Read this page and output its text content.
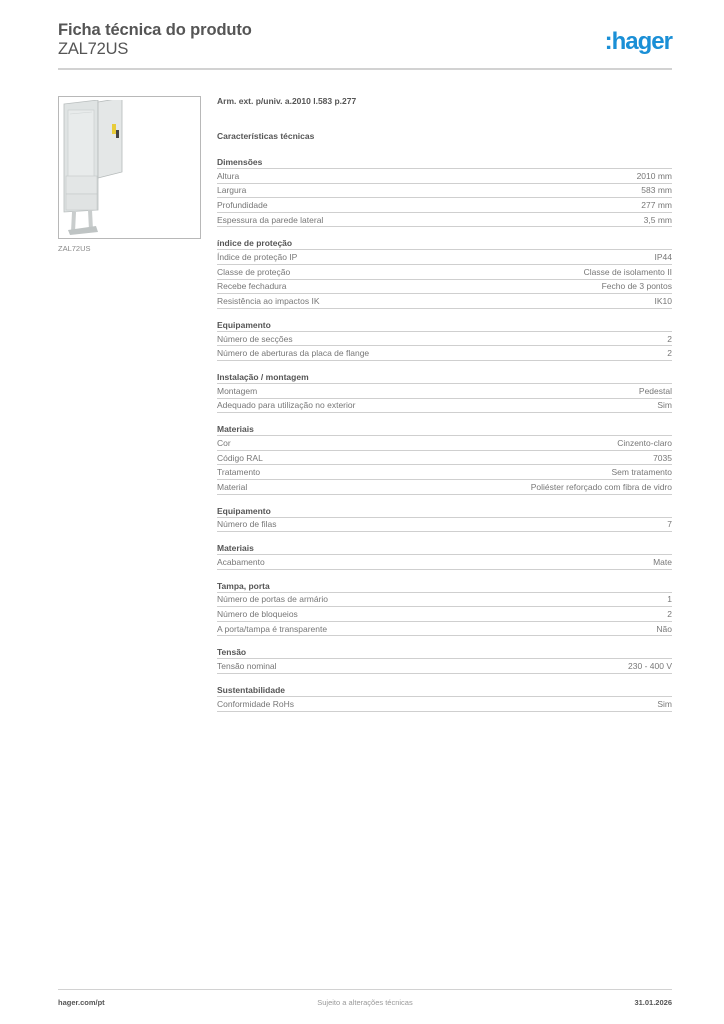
Ficha técnica do produto
ZAL72US	:hager
ZAL72US
Arm. ext. p/univ. a.2010 l.583 p.277
Características técnicas
Dimensões
Altura	2010 mm
Largura	583 mm
Profundidade	277 mm
Espessura da parede lateral	3,5 mm
índice de proteção
Índice de proteção IP	IP44
Classe de proteção	Classe de isolamento II
Recebe fechadura	Fecho de 3 pontos
Resistência ao impactos IK	IK10
Equipamento
Número de secções	2
Número de aberturas da placa de flange	2
Instalação / montagem
Montagem	Pedestal
Adequado para utilização no exterior	Sim
Materiais
Cor	Cinzento-claro
Código RAL	7035
Tratamento	Sem tratamento
Material	Poliéster reforçado com fibra de vidro
Equipamento
Número de filas	7
Materiais
Acabamento	Mate
Tampa, porta
Número de portas de armário	1
Número de bloqueios	2
A porta/tampa é transparente	Não
Tensão
Tensão nominal	230 - 400 V
Sustentabilidade
Conformidade RoHs	Sim
hager.com/pt	Sujeito a alterações técnicas	31.01.2026
